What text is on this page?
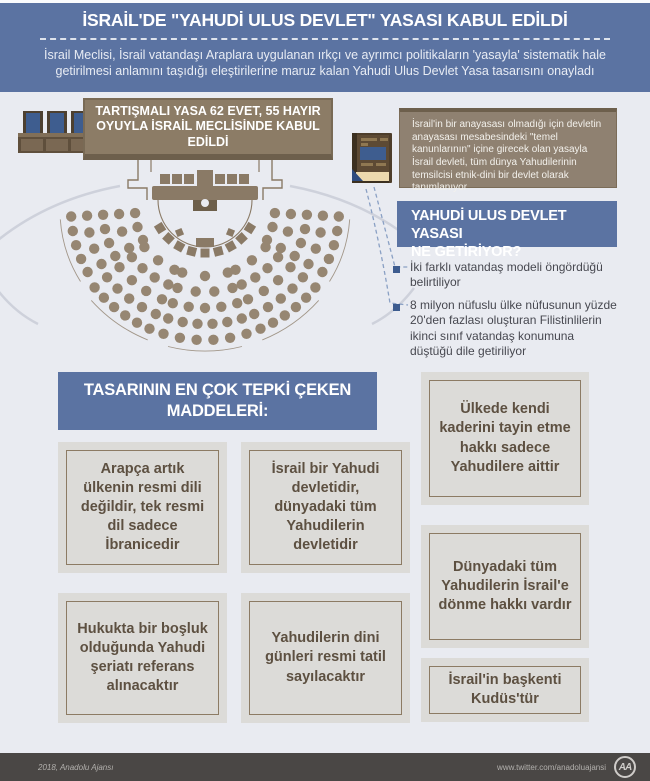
İSRAİL'DE "YAHUDİ ULUS DEVLET" YASASI KABUL EDİLDİ
İsrail Meclisi, İsrail vatandaşı Araplara uygulanan ırkçı ve ayrımcı politikaların 'yasayla' sistematik hale getirilmesi anlamını taşıdığı eleştirilerine maruz kalan Yahudi Ulus Devlet Yasa tasarısını onayladı
TARTIŞMALI YASA 62 EVET, 55 HAYIR OYUYLA İSRAİL MECLİSİNDE KABUL EDİLDİ
İsrail'in bir anayasası olmadığı için devletin anayasası mesabesindeki "temel kanunlarının" içine girecek olan yasayla İsrail devleti, tüm dünya Yahudilerinin temsilcisi etnik-dini bir devlet olarak tanımlanıyor
YAHUDİ ULUS DEVLET YASASI
NE GETİRİYOR?
İki farklı vatandaş modeli öngördüğü belirtiliyor
8 milyon nüfuslu ülke nüfusunun yüzde 20'den fazlası oluşturan Filistinlilerin ikinci sınıf vatandaş konumuna düştüğü dile getiriliyor
TASARININ EN ÇOK TEPKİ ÇEKEN MADDELERİ:
Arapça artık ülkenin resmi dili değildir, tek resmi dil sadece İbranicedir
İsrail bir Yahudi devletidir, dünyadaki tüm Yahudilerin devletidir
Ülkede kendi kaderini tayin etme hakkı sadece Yahudilere aittir
Hukukta bir boşluk olduğunda Yahudi şeriatı referans alınacaktır
Yahudilerin dini günleri resmi tatil sayılacaktır
Dünyadaki tüm Yahudilerin İsrail'e dönme hakkı vardır
İsrail'in başkenti Kudüs'tür
2018, Anadolu Ajansı	www.twitter.com/anadoluajansi	AA
